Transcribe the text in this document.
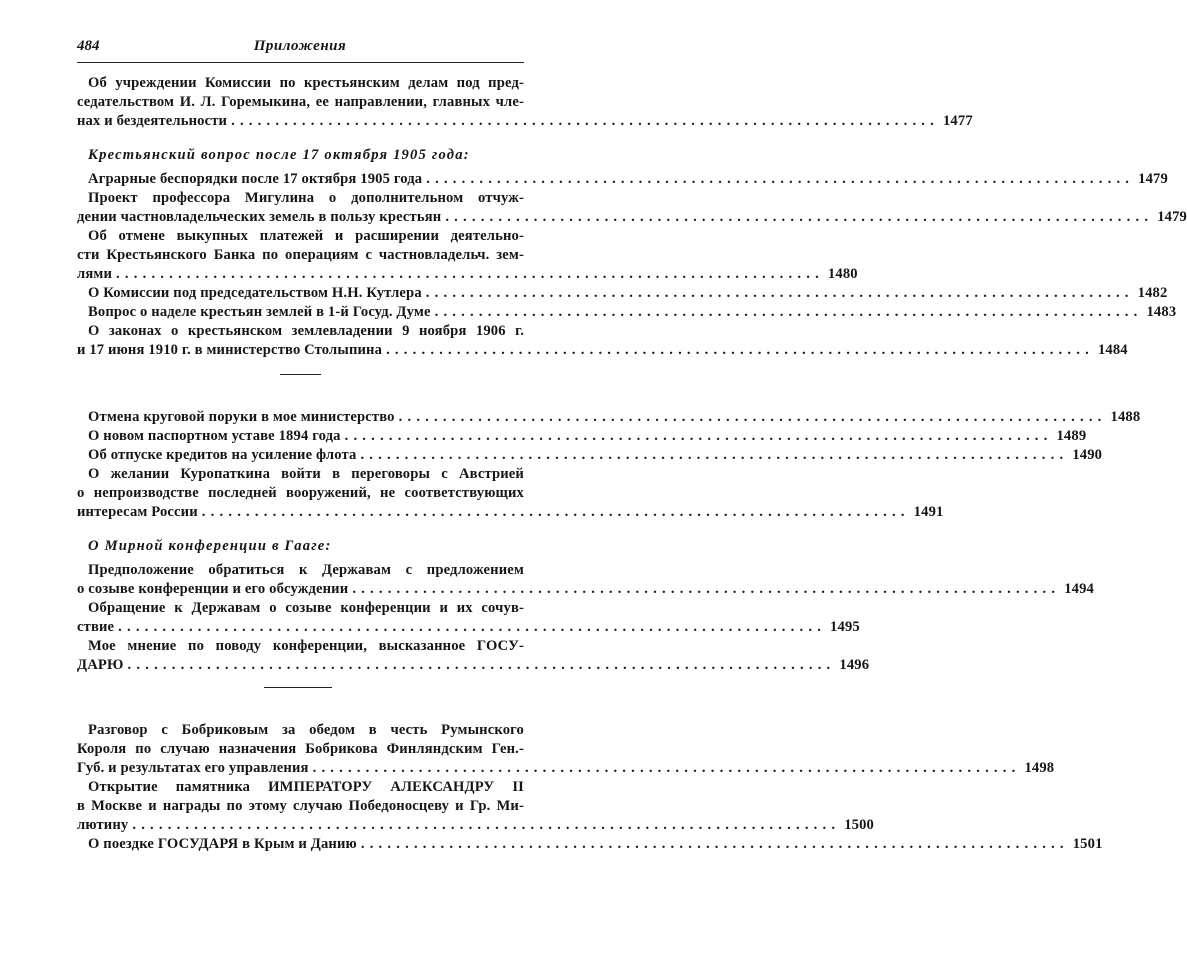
484	Приложения
Об учреждении Комиссии по крестьянским делам под пред-
седательством И. Л. Горемыкина, ее направлении, главных чле-
нах и бездеятельности ................................................................................ 1477
Крестьянский вопрос после 17 октября 1905 года:
Аграрные беспорядки после 17 октября 1905 года ................................................................................ 1479
Проект профессора Мигулина о дополнительном отчуж-
дении частновладельческих земель в пользу крестьян ................................................................................ 1479
Об отмене выкупных платежей и расширении деятельно-
сти Крестьянского Банка по операциям с частновладельч. зем-
лями ................................................................................ 1480
О Комиссии под председательством Н.Н. Кутлера ................................................................................ 1482
Вопрос о наделе крестьян землей в 1-й Госуд. Думе ................................................................................ 1483
О законах о крестьянском землевладении 9 ноября 1906 г.
и 17 июня 1910 г. в министерство Столыпина ................................................................................ 1484
Отмена круговой поруки в мое министерство ................................................................................ 1488
О новом паспортном уставе 1894 года ................................................................................ 1489
Об отпуске кредитов на усиление флота ................................................................................ 1490
О желании Куропаткина войти в переговоры с Австрией
о непроизводстве последней вооружений, не соответствующих
интересам России ................................................................................ 1491
О Мирной конференции в Гааге:
Предположение обратиться к Державам с предложением
о созыве конференции и его обсуждении ................................................................................ 1494
Обращение к Державам о созыве конференции и их сочув-
ствие ................................................................................ 1495
Мое мнение по поводу конференции, высказанное ГОСУ-
ДАРЮ ................................................................................ 1496
Разговор с Бобриковым за обедом в честь Румынского
Короля по случаю назначения Бобрикова Финляндским Ген.-
Губ. и результатах его управления ................................................................................ 1498
Открытие памятника ИМПЕРАТОРУ АЛЕКСАНДРУ II
в Москве и награды по этому случаю Победоносцеву и Гр. Ми-
лютину ................................................................................ 1500
О поездке ГОСУДАРЯ в Крым и Данию ................................................................................ 1501
